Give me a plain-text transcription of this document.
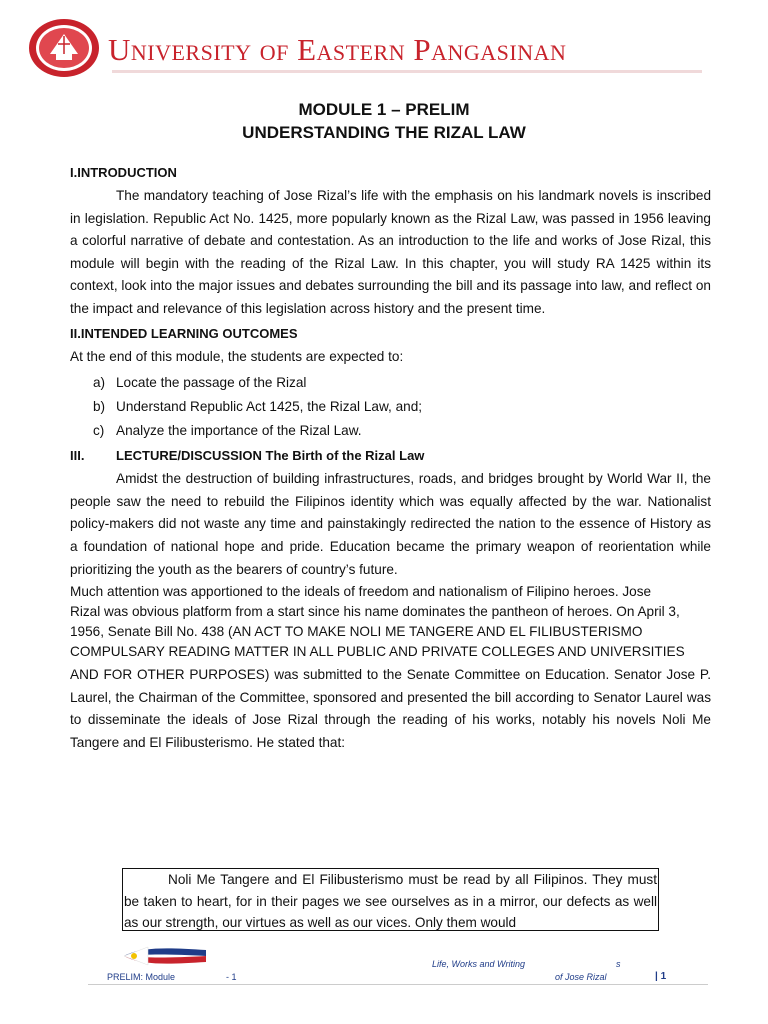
University of Eastern Pangasinan
MODULE 1 – PRELIM
UNDERSTANDING THE RIZAL LAW
I.INTRODUCTION
The mandatory teaching of Jose Rizal’s life with the emphasis on his landmark novels is inscribed in legislation. Republic Act No. 1425, more popularly known as the Rizal Law, was passed in 1956 leaving a colorful narrative of debate and contestation. As an introduction to the life and works of Jose Rizal, this module will begin with the reading of the Rizal Law. In this chapter, you will study RA 1425 within its context, look into the major issues and debates surrounding the bill and its passage into law, and reflect on the impact and relevance of this legislation across history and the present time.
II.INTENDED LEARNING OUTCOMES
At the end of this module, the students are expected to:
a) Locate the passage of the Rizal
b) Understand Republic Act 1425, the Rizal Law, and;
c) Analyze the importance of the Rizal Law.
III. LECTURE/DISCUSSION The Birth of the Rizal Law
Amidst the destruction of building infrastructures, roads, and bridges brought by World War II, the people saw the need to rebuild the Filipinos identity which was equally affected by the war. Nationalist policy-makers did not waste any time and painstakingly redirected the nation to the essence of History as a foundation of national hope and pride. Education became the primary weapon of reorientation while prioritizing the youth as the bearers of country’s future.
Much attention was apportioned to the ideals of freedom and nationalism of Filipino heroes. Jose
Rizal was obvious platform from a start since his name dominates the pantheon of heroes. On April 3,
1956, Senate Bill No. 438 (AN ACT TO MAKE NOLI ME TANGERE AND EL FILIBUSTERISMO
COMPULSARY READING MATTER IN ALL PUBLIC AND PRIVATE COLLEGES AND UNIVERSITIES
AND FOR OTHER PURPOSES) was submitted to the Senate Committee on Education. Senator Jose P. Laurel, the Chairman of the Committee, sponsored and presented the bill according to Senator Laurel was to disseminate the ideals of Jose Rizal through the reading of his works, notably his novels Noli Me Tangere and El Filibusterismo. He stated that:

Noli Me Tangere and El Filibusterismo must be read by all Filipinos. They must be taken to heart, for in their pages we see ourselves as in a mirror, our defects as well as our strength, our virtues as well as our vices. Only them would

PRELIM: Module	- 1
Life, Works and Writing	s
of Jose Rizal	| 1
